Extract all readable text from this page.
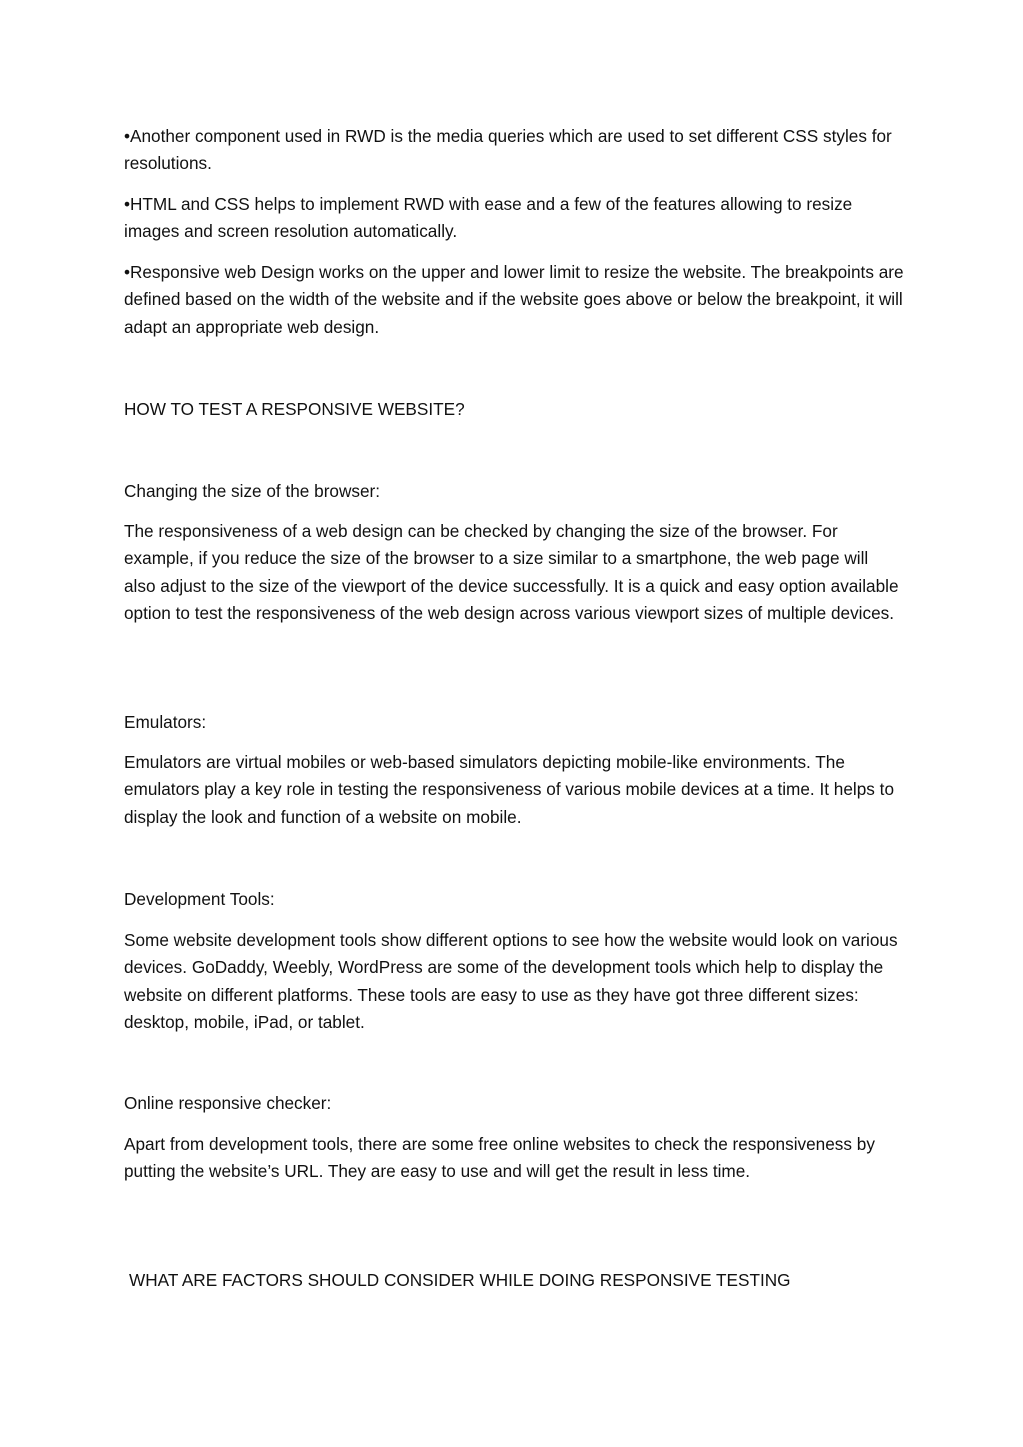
•Another component used in RWD is the media queries which are used to set different CSS styles for resolutions.

•HTML and CSS helps to implement RWD with ease and a few of the features allowing to resize images and screen resolution automatically.

•Responsive web Design works on the upper and lower limit to resize the website. The breakpoints are defined based on the width of the website and if the website goes above or below the breakpoint, it will adapt an appropriate web design.

HOW TO TEST A RESPONSIVE WEBSITE?

Changing the size of the browser:

The responsiveness of a web design can be checked by changing the size of the browser. For example, if you reduce the size of the browser to a size similar to a smartphone, the web page will also adjust to the size of the viewport of the device successfully. It is a quick and easy option available option to test the responsiveness of the web design across various viewport sizes of multiple devices.

Emulators:

Emulators are virtual mobiles or web-based simulators depicting mobile-like environments. The emulators play a key role in testing the responsiveness of various mobile devices at a time. It helps to display the look and function of a website on mobile.

Development Tools:

Some website development tools show different options to see how the website would look on various devices. GoDaddy, Weebly, WordPress are some of the development tools which help to display the website on different platforms. These tools are easy to use as they have got three different sizes: desktop, mobile, iPad, or tablet.

Online responsive checker:

Apart from development tools, there are some free online websites to check the responsiveness by putting the website’s URL. They are easy to use and will get the result in less time.

WHAT ARE FACTORS SHOULD CONSIDER WHILE DOING RESPONSIVE TESTING
